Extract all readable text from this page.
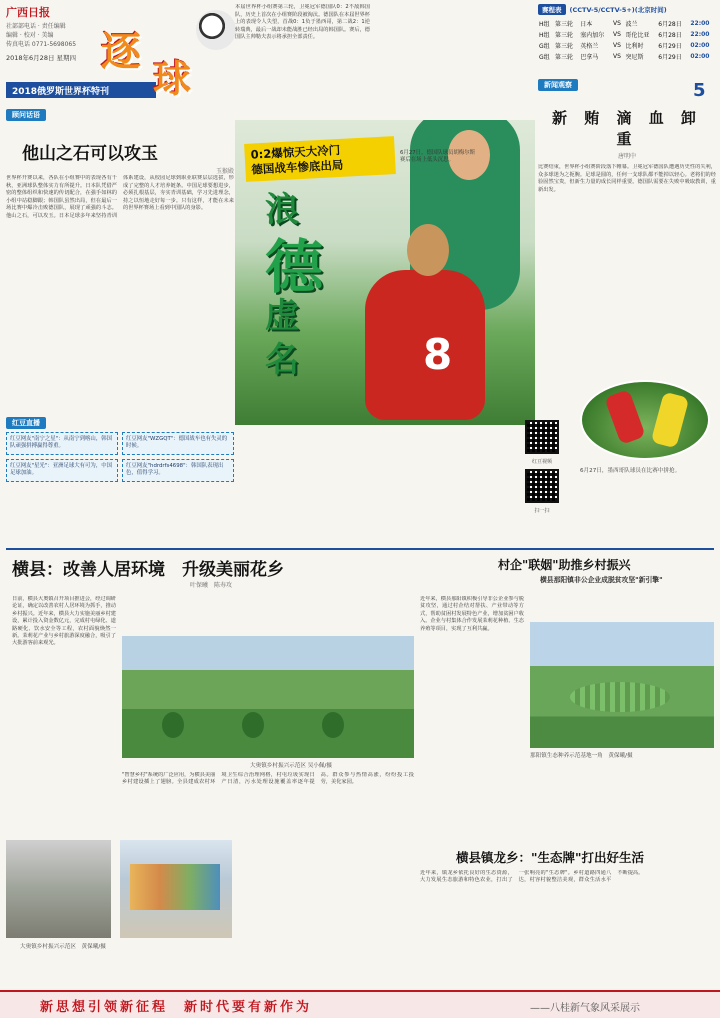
广西日报
社部部电话 · 责任编辑
编辑 · 校对 · 美编
传真电话 0771-5698065
2018年6月28日 星期四
2018俄罗斯世界杯特刊
逐
球	5
顾问话语
他山之石可以攻玉
玉猴殿
世界杯开赛以来，各队在小组赛中的表现各有千秋，亚洲球队整体实力有所提升。日本队凭借严密的整体组织和快速的传切配合，在强手如林的小组中站稳脚跟；韩国队虽然出局，但在最后一场比赛中爆冷击败德国队，展现了顽强的斗志。他山之石，可以攻玉。日本足球多年来坚持青训体系建设，从校园足球到职业联赛层层选拔，形成了完整的人才培养链条。中国足球要想进步，必须扎根基层，夯实青训基础，学习先进理念，持之以恒地走好每一步。只有这样，才能在未来的世界杯赛场上看到中国队的身影。
本届世界杯小组赛第三轮，卫冕冠军德国队0：2不敌韩国队，历史上首次在小组赛阶段被淘汰。德国队在本届世界杯上的表现令人失望，首战0：1负于墨西哥，第二战2：1逆转瑞典，最后一战却未能战胜已经出局的韩国队。赛后，德国队主帅勒夫表示将承担全部责任。
8
0:2爆惊天大冷门
德国战车惨底出局
浪
德
虚
名
6月27日，德国队球员胡梅尔斯赛后在场上低头沉思。
红豆直播
红豆网友"南宁之星"：从南宁到喀山，韩国队顽强拼搏赢得尊重。
红豆网友"WZGQT"：德国战车也有失灵的时候。
红豆网友"星光"：亚洲足球大有可为，中国足球加油。
红豆网友"hdrdrfs4698"：韩国队表现出色，值得学习。
红豆视频
扫一扫
赛程表	(CCTV-5/CCTV-5+)(北京时间)
H组	第三轮	日本	VS	波兰	6月28日	22:00
H组	第三轮	塞内加尔	VS	哥伦比亚	6月28日	22:00
G组	第三轮	英格兰	VS	比利时	6月29日	02:00
G组	第三轮	巴拿马	VS	突尼斯	6月29日	02:00
新闻观察
新 贿 滴 血 卸 重
唐明中
比赛结束，世界杯小组赛阶段落下帷幕。卫冕冠军德国队遭遇历史性的失利，众多球迷为之扼腕。足球是圆的，任何一支球队都不能掉以轻心。老将们的经验固然宝贵，但新生力量的成长同样重要。德国队需要在失败中吸取教训，重新出发。
6月27日，墨西哥队球员在比赛中拼抢。
横县：改善人居环境　升级美丽花乡
叶保曦　陈寿攻
日前，横县大奥镇召开项目推进会，经过调研论证，确定以改善农村人居环境为抓手，推动乡村振兴。近年来，横县大力实施美丽乡村建设，累计投入资金数亿元，完成村屯绿化、道路硬化、饮水安全等工程，农村面貌焕然一新。茉莉花产业与乡村旅游深度融合，吸引了大批游客前来观光。
大奥镇乡村振兴示范区 吴小佩/摄
"智慧乡村"系统的广泛应用，为横县美丽乡村建设插上了翅膀。全县建成农村环境卫生综合治理网格，村屯垃圾实现日产日清，污水处理设施覆盖率逐年提高。群众参与热情高涨，纷纷投工投劳，美化家园。
大奥镇乡村振兴示范区　黄保曦/摄
村企"联姻"助推乡村振兴
横县那阳镇非公企业成脱贫攻坚"新引擎"
近年来，横县那阳镇积极引导非公企业参与脱贫攻坚，通过村企结对帮扶、产业带动等方式，帮助贫困村发展特色产业，增加贫困户收入。企业与村集体合作发展茉莉花种植、生态养殖等项目，实现了互利共赢。
那阳镇生态种养示范基地一角　黄保曦/摄
横县镇龙乡："生态牌"打出好生活
近年来，镇龙乡依托良好的生态资源，大力发展生态旅游和特色农业，打出了一张响亮的"生态牌"。乡村道路四通八达，村容村貌整洁美观，群众生活水平不断提高。
新思想引领新征程　新时代要有新作为	——八桂新气象风采展示
